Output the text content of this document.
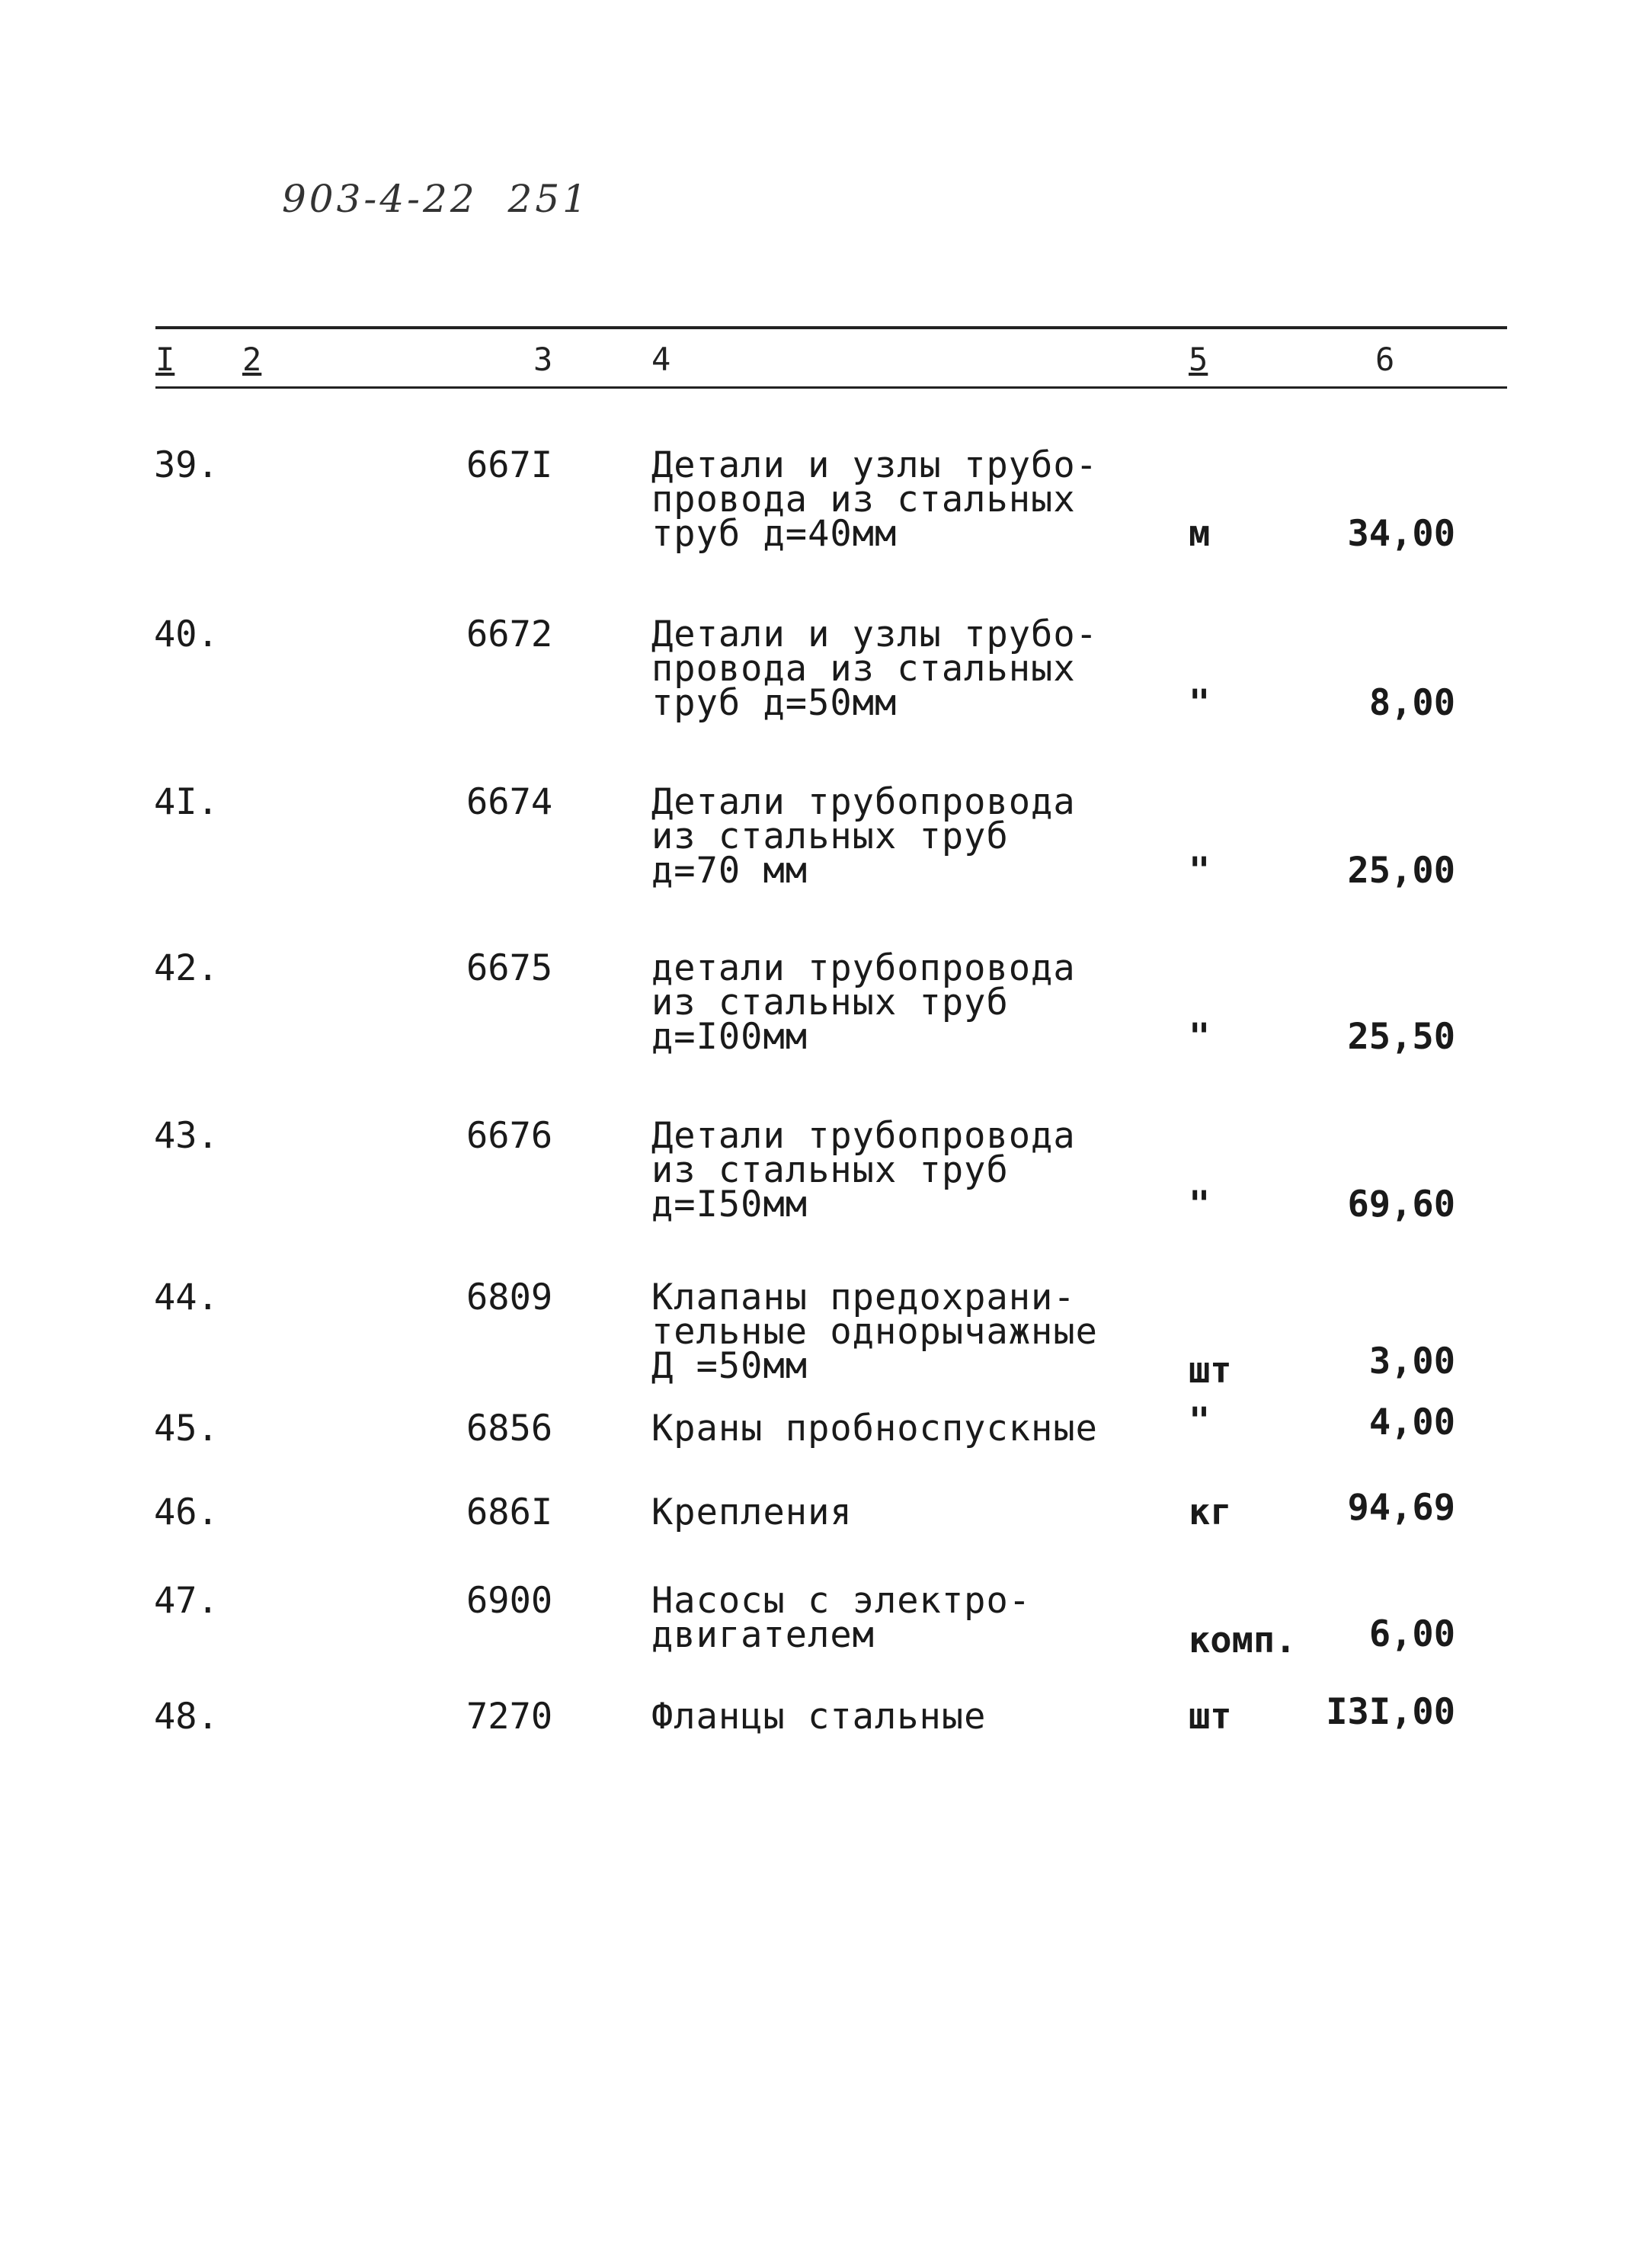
903-4-22 251
I 2	3	4	5	6
39.	667I	Детали и узлы трубо-
провода из стальных
труб д=40мм	м	34,00
40.	6672	Детали и узлы трубо-
провода из стальных
труб д=50мм	"	8,00
4I.	6674	Детали трубопровода
из стальных труб
д=70 мм	"	25,00
42.	6675	детали трубопровода
из стальных труб
д=I00мм	"	25,50
43.	6676	Детали трубопровода
из стальных труб
д=I50мм	"	69,60
44.	6809	Клапаны предохрани-
тельные однорычажные
Д =50мм	шт	3,00
45.	6856	Краны пробноспускные	"	4,00
46.	686I	Крепления	кг	94,69
47.	6900	Насосы с электро-
двигателем	комп. 6,00
48.	7270	Фланцы стальные	шт	I3I,00
